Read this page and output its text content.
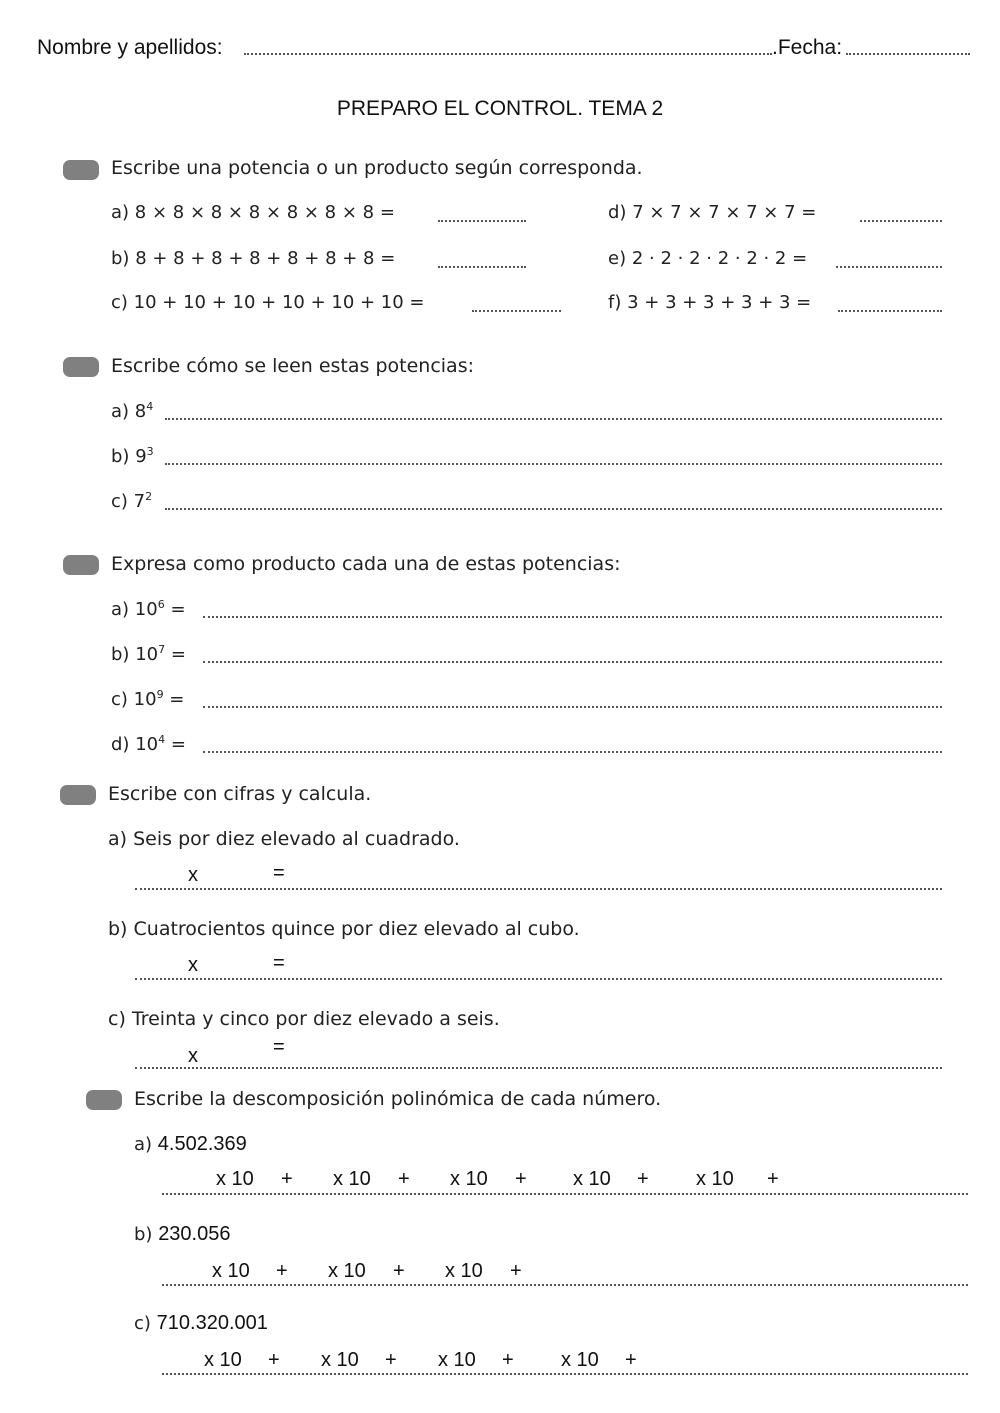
Nombre y apellidos:	.Fecha:
PREPARO EL CONTROL. TEMA 2
Escribe una potencia o un producto según corresponda.
a) 8 × 8 × 8 × 8 × 8 × 8 × 8 =
b) 8 + 8 + 8 + 8 + 8 + 8 + 8 =
c) 10 + 10 + 10 + 10 + 10 + 10 =
d) 7 × 7 × 7 × 7 × 7 =
e) 2 · 2 · 2 · 2 · 2 · 2 =
f) 3 + 3 + 3 + 3 + 3 =
Escribe cómo se leen estas potencias:
a) $8^4$
b) $9^3$
c) $7^2$
Expresa como producto cada una de estas potencias:
a) $10^6$ =
b) $10^7$ =
c) $10^9$ =
d) $10^4$ =
Escribe con cifras y calcula.
a) Seis por diez elevado al cuadrado.
x	=
b) Cuatrocientos quince por diez elevado al cubo.
x	=
c) Treinta y cinco por diez elevado a seis.
x	=
Escribe la descomposición polinómica de cada número.
a) 4.502.369
x 10 + x 10 + x 10 + x 10 + x 10 +
b) 230.056
x 10 + x 10 + x 10 +
c) 710.320.001
x 10 + x 10 + x 10 + x 10 +
